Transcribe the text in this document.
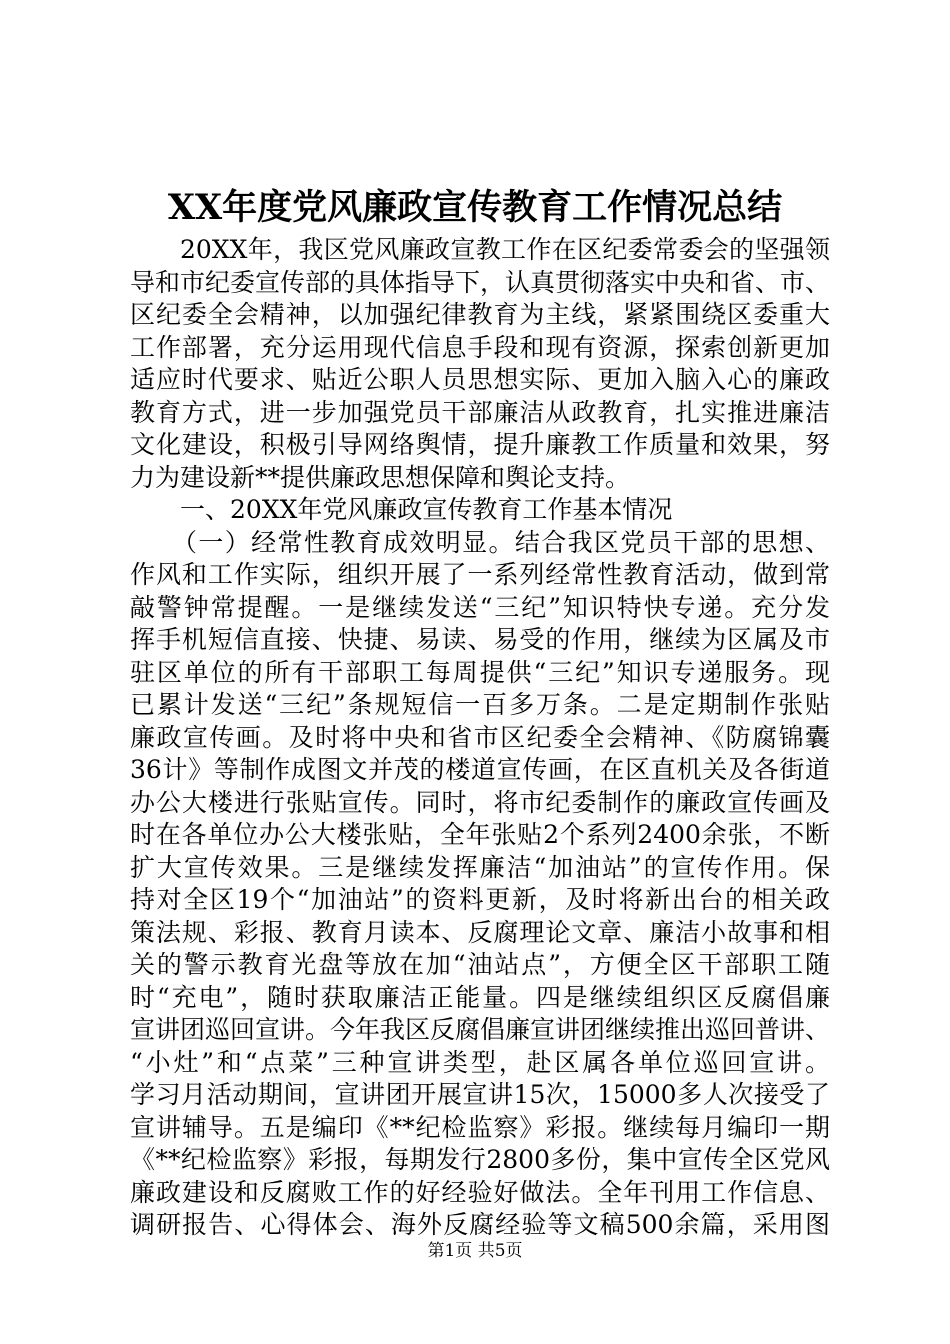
XX年度党风廉政宣传教育工作情况总结
20XX年，我区党风廉政宣教工作在区纪委常委会的坚强领
导和市纪委宣传部的具体指导下，认真贯彻落实中央和省、市、
区纪委全会精神，以加强纪律教育为主线，紧紧围绕区委重大
工作部署，充分运用现代信息手段和现有资源，探索创新更加
适应时代要求、贴近公职人员思想实际、更加入脑入心的廉政
教育方式，进一步加强党员干部廉洁从政教育，扎实推进廉洁
文化建设，积极引导网络舆情，提升廉教工作质量和效果，努
力为建设新**提供廉政思想保障和舆论支持。
一、20XX年党风廉政宣传教育工作基本情况
（一）经常性教育成效明显。结合我区党员干部的思想、
作风和工作实际，组织开展了一系列经常性教育活动，做到常
敲警钟常提醒。一是继续发送“三纪”知识特快专递。充分发
挥手机短信直接、快捷、易读、易受的作用，继续为区属及市
驻区单位的所有干部职工每周提供“三纪”知识专递服务。现
已累计发送“三纪”条规短信一百多万条。二是定期制作张贴
廉政宣传画。及时将中央和省市区纪委全会精神、《防腐锦囊
36计》等制作成图文并茂的楼道宣传画，在区直机关及各街道
办公大楼进行张贴宣传。同时，将市纪委制作的廉政宣传画及
时在各单位办公大楼张贴，全年张贴2个系列2400余张，不断
扩大宣传效果。三是继续发挥廉洁“加油站”的宣传作用。保
持对全区19个“加油站”的资料更新，及时将新出台的相关政
策法规、彩报、教育月读本、反腐理论文章、廉洁小故事和相
关的警示教育光盘等放在加“油站点”，方便全区干部职工随
时“充电”，随时获取廉洁正能量。四是继续组织区反腐倡廉
宣讲团巡回宣讲。今年我区反腐倡廉宣讲团继续推出巡回普讲、
“小灶”和“点菜”三种宣讲类型，赴区属各单位巡回宣讲。
学习月活动期间，宣讲团开展宣讲15次，15000多人次接受了
宣讲辅导。五是编印《**纪检监察》彩报。继续每月编印一期
《**纪检监察》彩报，每期发行2800多份，集中宣传全区党风
廉政建设和反腐败工作的好经验好做法。全年刊用工作信息、
调研报告、心得体会、海外反腐经验等文稿500余篇，采用图
第1页 共5页
